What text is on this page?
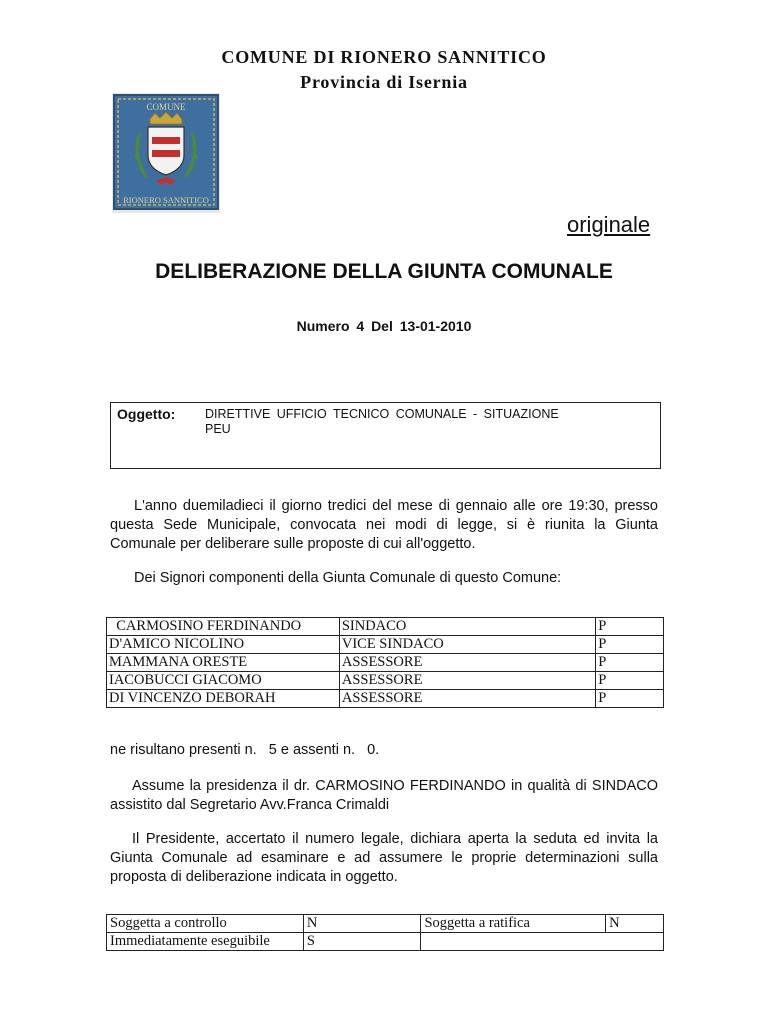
COMUNE DI RIONERO SANNITICO
Provincia di Isernia
COMUNE
RIONERO SANNITICO
originale
DELIBERAZIONE DELLA GIUNTA COMUNALE
Numero 4 Del 13-01-2010
Oggetto: DIRETTIVE UFFICIO TECNICO COMUNALE - SITUAZIONE PEU
L'anno duemiladieci il giorno tredici del mese di gennaio alle ore 19:30, presso questa Sede Municipale, convocata nei modi di legge, si è riunita la Giunta Comunale per deliberare sulle proposte di cui all'oggetto.
Dei Signori componenti della Giunta Comunale di questo Comune:
CARMOSINO FERDINANDO	SINDACO	P
D'AMICO NICOLINO	VICE SINDACO	P
MAMMANA ORESTE	ASSESSORE	P
IACOBUCCI GIACOMO	ASSESSORE	P
DI VINCENZO DEBORAH	ASSESSORE	P
ne risultano presenti n.   5 e assenti n.   0.
Assume la presidenza il dr. CARMOSINO FERDINANDO in qualità di SINDACO assistito dal Segretario Avv.Franca Crimaldi
Il Presidente, accertato il numero legale, dichiara aperta la seduta ed invita la Giunta Comunale ad esaminare e ad assumere le proprie determinazioni sulla proposta di deliberazione indicata in oggetto.
Soggetta a controllo	N	Soggetta a ratifica	N
Immediatamente eseguibile	S		
